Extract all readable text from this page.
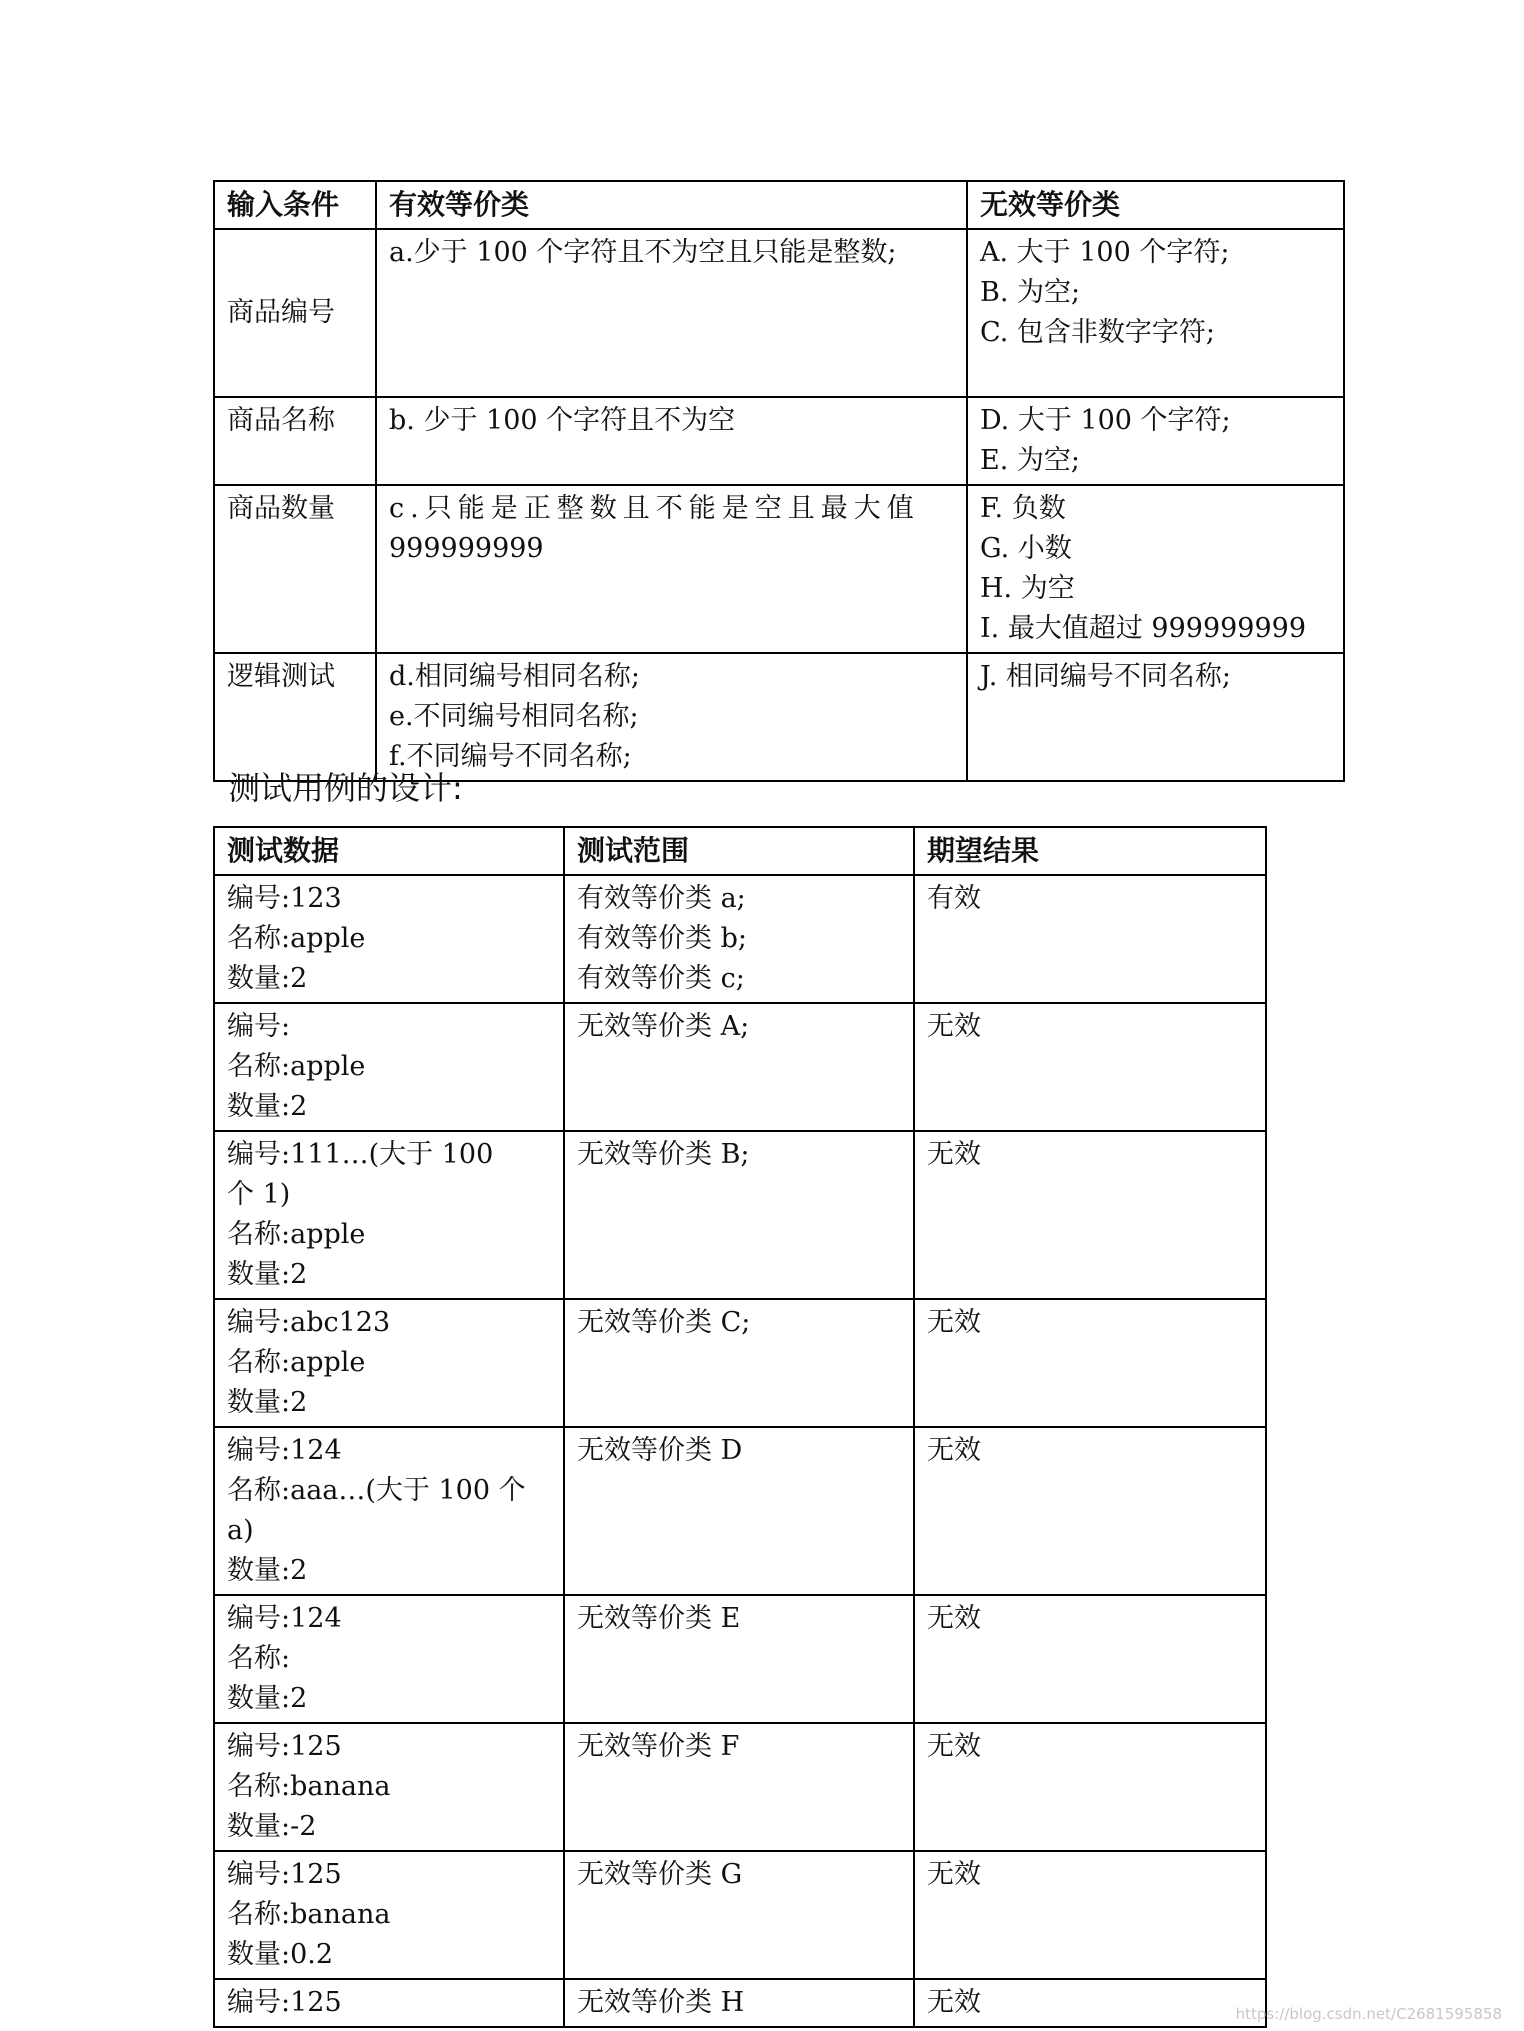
输入条件	有效等价类	无效等价类
商品编号	a.少于 100 个字符且不为空且只能是整数;	A. 大于 100 个字符;
B. 为空;
C. 包含非数字字符;

商品名称	b. 少于 100 个字符且不为空	D. 大于 100 个字符;
E. 为空;

商品数量	c.只能是正整数且不能是空且最大值
999999999	F. 负数
G. 小数
H. 为空
I. 最大值超过 999999999

逻辑测试	d.相同编号相同名称;
e.不同编号相同名称;
f.不同编号不同名称;	J. 相同编号不同名称;
测试用例的设计:
测试数据	测试范围	期望结果

编号:123
名称:apple
数量:2	有效等价类 a;
有效等价类 b;
有效等价类 c;	有效

编号:
名称:apple
数量:2	无效等价类 A;	无效

编号:111…(大于 100
个 1)
名称:apple
数量:2	无效等价类 B;	无效

编号:abc123
名称:apple
数量:2	无效等价类 C;	无效

编号:124
名称:aaa…(大于 100 个
a)
数量:2	无效等价类 D	无效

编号:124
名称:
数量:2	无效等价类 E	无效

编号:125
名称:banana
数量:-2	无效等价类 F	无效

编号:125
名称:banana
数量:0.2	无效等价类 G	无效

编号:125	无效等价类 H	无效	https://blog.csdn.net/C2681595858
